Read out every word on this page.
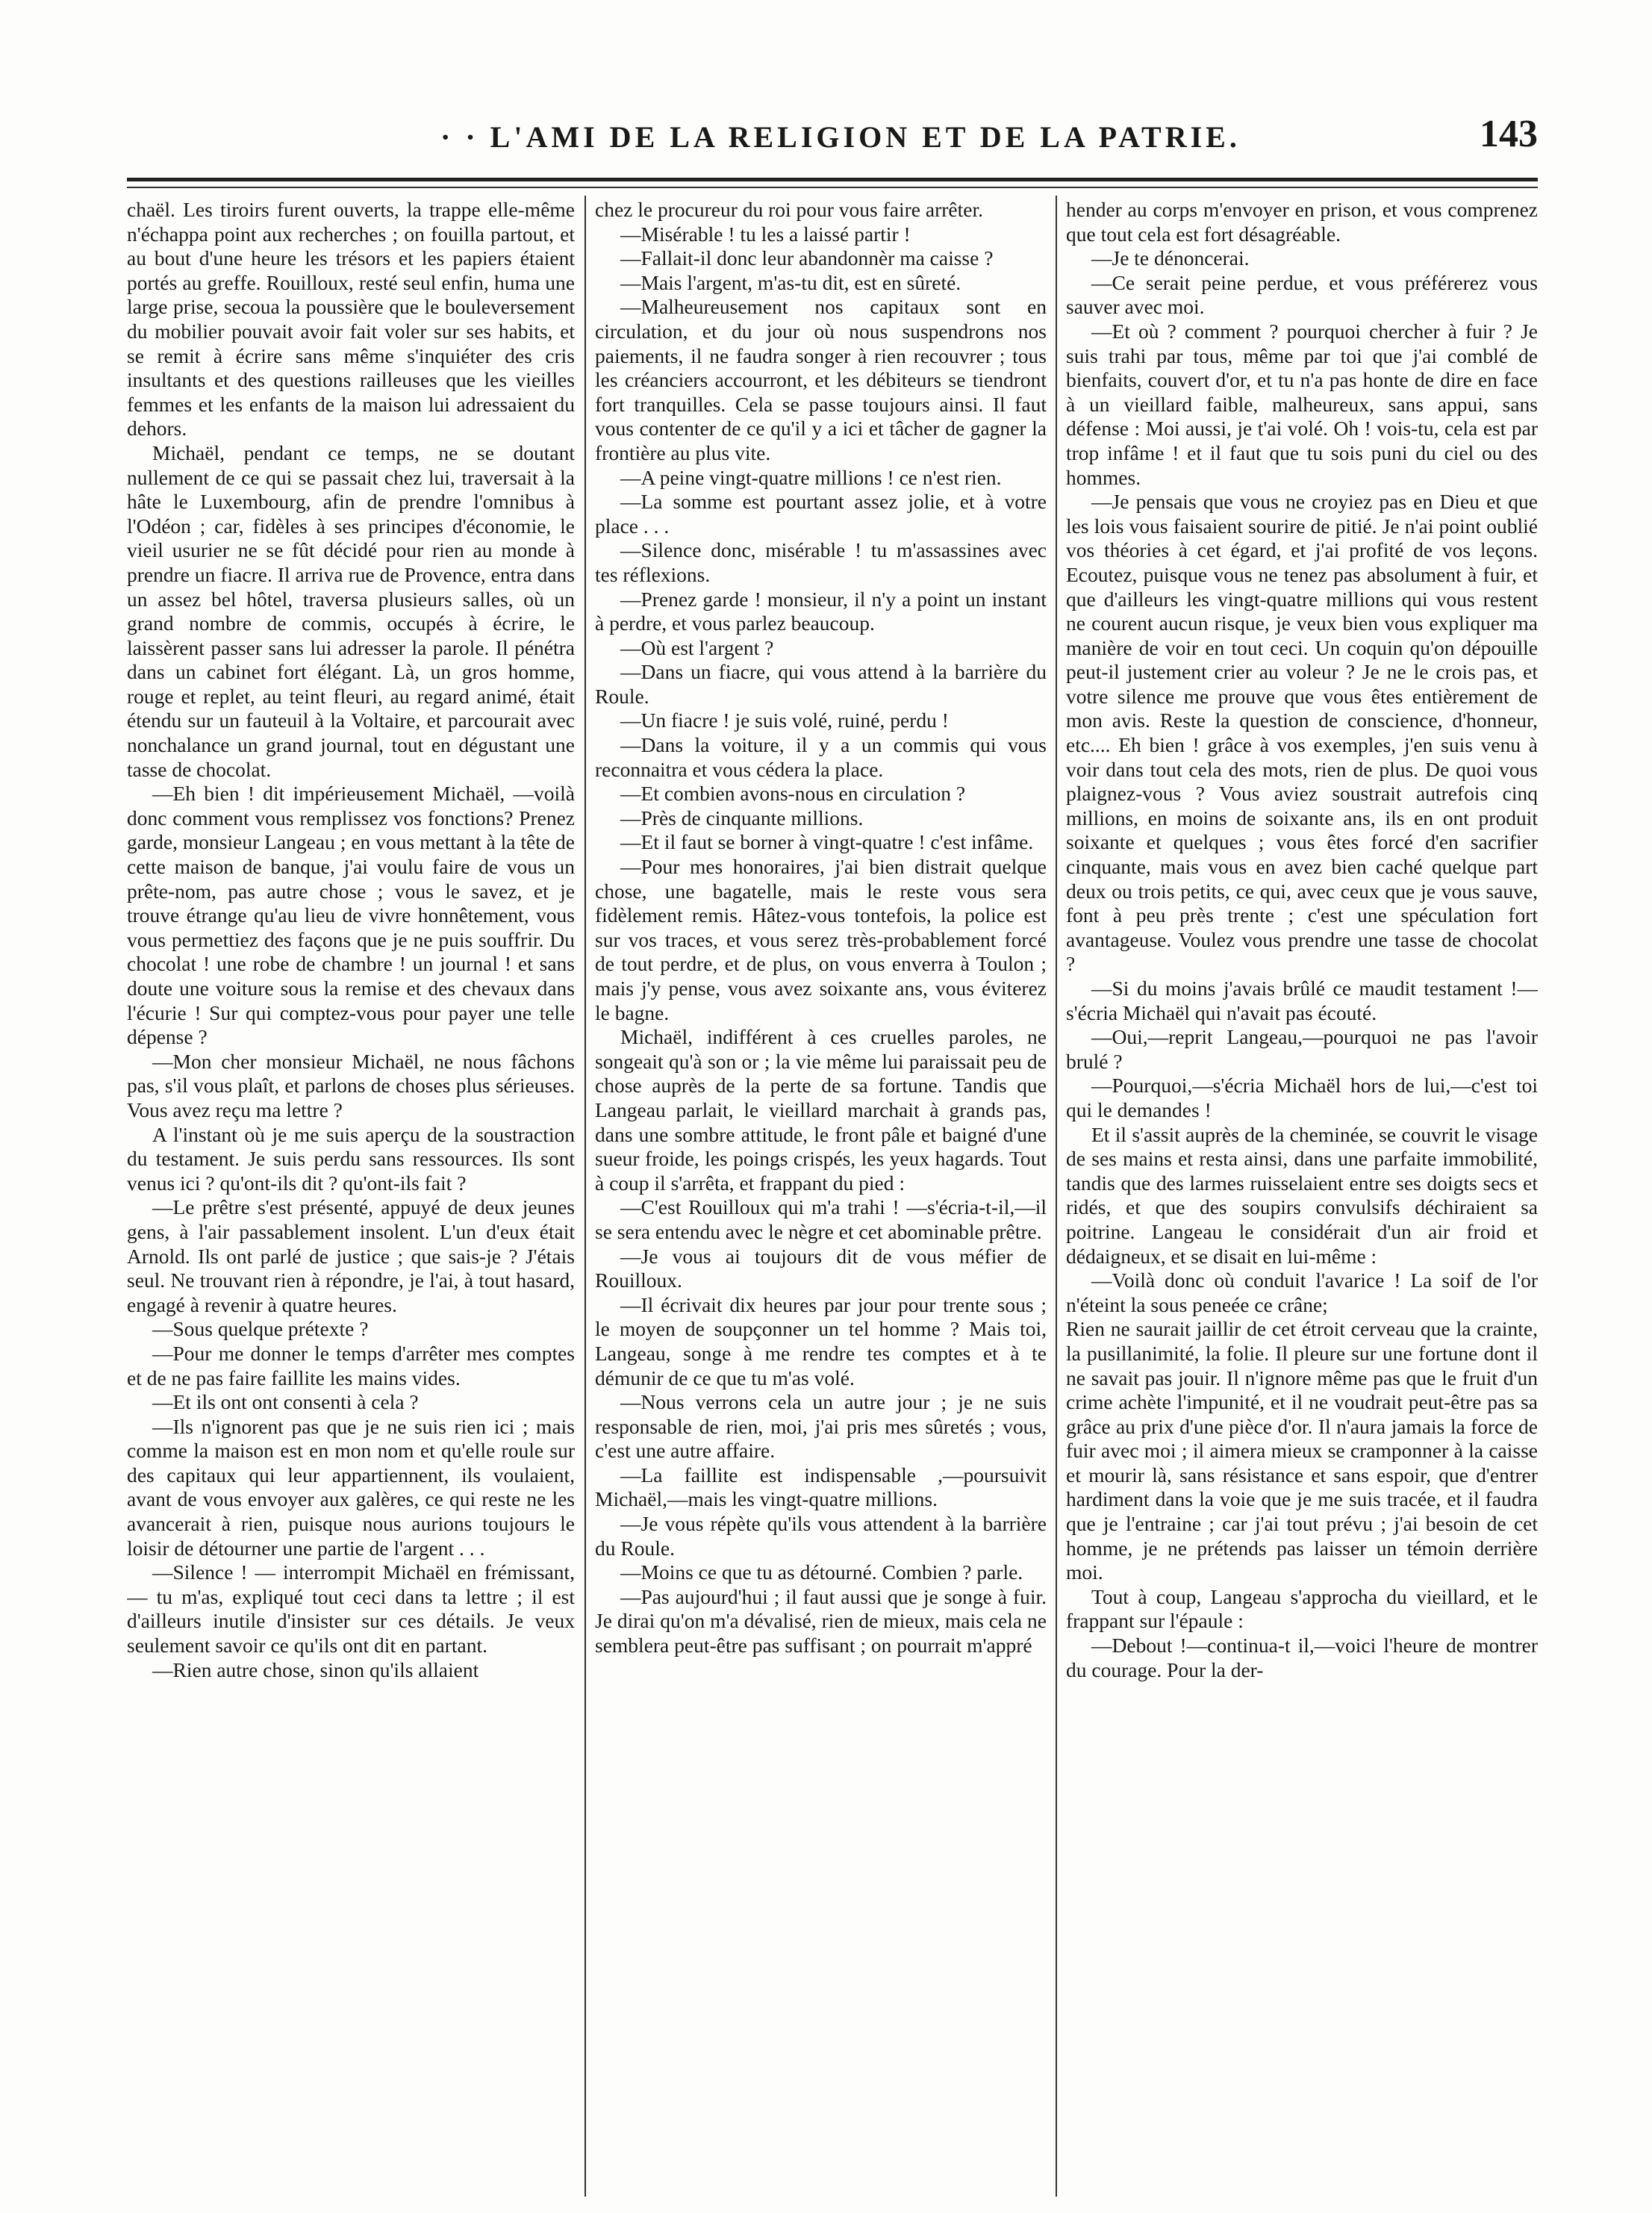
· · L'AMI DE LA RELIGION ET DE LA PATRIE.	143

chaël. Les tiroirs furent ouverts, la trappe elle-même n'échappa point aux recherches ; on fouilla partout, et au bout d'une heure les trésors et les papiers étaient portés au greffe. Rouilloux, resté seul enfin, huma une large prise, secoua la poussière que le bouleversement du mobilier pouvait avoir fait voler sur ses habits, et se remit à écrire sans même s'inquiéter des cris insultants et des questions railleuses que les vieilles femmes et les enfants de la maison lui adressaient du dehors.

Michaël, pendant ce temps, ne se doutant nullement de ce qui se passait chez lui, traversait à la hâte le Luxembourg, afin de prendre l'omnibus à l'Odéon ; car, fidèles à ses principes d'économie, le vieil usurier ne se fût décidé pour rien au monde à prendre un fiacre. Il arriva rue de Provence, entra dans un assez bel hôtel, traversa plusieurs salles, où un grand nombre de commis, occupés à écrire, le laissèrent passer sans lui adresser la parole. Il pénétra dans un cabinet fort élégant. Là, un gros homme, rouge et replet, au teint fleuri, au regard animé, était étendu sur un fauteuil à la Voltaire, et parcourait avec nonchalance un grand journal, tout en dégustant une tasse de chocolat.

—Eh bien ! dit impérieusement Michaël, —voilà donc comment vous remplissez vos fonctions? Prenez garde, monsieur Langeau ; en vous mettant à la tête de cette maison de banque, j'ai voulu faire de vous un prête-nom, pas autre chose ; vous le savez, et je trouve étrange qu'au lieu de vivre honnêtement, vous vous permettiez des façons que je ne puis souffrir. Du chocolat ! une robe de chambre ! un journal ! et sans doute une voiture sous la remise et des chevaux dans l'écurie ! Sur qui comptez-vous pour payer une telle dépense ?

—Mon cher monsieur Michaël, ne nous fâchons pas, s'il vous plaît, et parlons de choses plus sérieuses. Vous avez reçu ma lettre ?

A l'instant où je me suis aperçu de la soustraction du testament. Je suis perdu sans ressources. Ils sont venus ici ? qu'ont-ils dit ? qu'ont-ils fait ?

—Le prêtre s'est présenté, appuyé de deux jeunes gens, à l'air passablement insolent. L'un d'eux était Arnold. Ils ont parlé de justice ; que sais-je ? J'étais seul. Ne trouvant rien à répondre, je l'ai, à tout hasard, engagé à revenir à quatre heures.

—Sous quelque prétexte ?

—Pour me donner le temps d'arrêter mes comptes et de ne pas faire faillite les mains vides.

—Et ils ont ont consenti à cela ?

—Ils n'ignorent pas que je ne suis rien ici ; mais comme la maison est en mon nom et qu'elle roule sur des capitaux qui leur appartiennent, ils voulaient, avant de vous envoyer aux galères, ce qui reste ne les avancerait à rien, puisque nous aurions toujours le loisir de détourner une partie de l'argent . . .

—Silence ! — interrompit Michaël en frémissant,— tu m'as, expliqué tout ceci dans ta lettre ; il est d'ailleurs inutile d'insister sur ces détails. Je veux seulement savoir ce qu'ils ont dit en partant.

—Rien autre chose, sinon qu'ils allaient

chez le procureur du roi pour vous faire arrêter.

—Misérable ! tu les a laissé partir !

—Fallait-il donc leur abandonnèr ma caisse ?

—Mais l'argent, m'as-tu dit, est en sûreté.

—Malheureusement nos capitaux sont en circulation, et du jour où nous suspendrons nos paiements, il ne faudra songer à rien recouvrer ; tous les créanciers accourront, et les débiteurs se tiendront fort tranquilles. Cela se passe toujours ainsi. Il faut vous contenter de ce qu'il y a ici et tâcher de gagner la frontière au plus vite.

—A peine vingt-quatre millions ! ce n'est rien.

—La somme est pourtant assez jolie, et à votre place . . .

—Silence donc, misérable ! tu m'assassines avec tes réflexions.

—Prenez garde ! monsieur, il n'y a point un instant à perdre, et vous parlez beaucoup.

—Où est l'argent ?

—Dans un fiacre, qui vous attend à la barrière du Roule.

—Un fiacre ! je suis volé, ruiné, perdu !

—Dans la voiture, il y a un commis qui vous reconnaitra et vous cédera la place.

—Et combien avons-nous en circulation ?

—Près de cinquante millions.

—Et il faut se borner à vingt-quatre ! c'est infâme.

—Pour mes honoraires, j'ai bien distrait quelque chose, une bagatelle, mais le reste vous sera fidèlement remis. Hâtez-vous tontefois, la police est sur vos traces, et vous serez très-probablement forcé de tout perdre, et de plus, on vous enverra à Toulon ; mais j'y pense, vous avez soixante ans, vous éviterez le bagne.

Michaël, indifférent à ces cruelles paroles, ne songeait qu'à son or ; la vie même lui paraissait peu de chose auprès de la perte de sa fortune. Tandis que Langeau parlait, le vieillard marchait à grands pas, dans une sombre attitude, le front pâle et baigné d'une sueur froide, les poings crispés, les yeux hagards. Tout à coup il s'arrêta, et frappant du pied :

—C'est Rouilloux qui m'a trahi ! —s'écria-t-il,—il se sera entendu avec le nègre et cet abominable prêtre.

—Je vous ai toujours dit de vous méfier de Rouilloux.

—Il écrivait dix heures par jour pour trente sous ; le moyen de soupçonner un tel homme ? Mais toi, Langeau, songe à me rendre tes comptes et à te démunir de ce que tu m'as volé.

—Nous verrons cela un autre jour ; je ne suis responsable de rien, moi, j'ai pris mes sûretés ; vous, c'est une autre affaire.

—La faillite est indispensable ,—poursuivit Michaël,—mais les vingt-quatre millions.

—Je vous répète qu'ils vous attendent à la barrière du Roule.

—Moins ce que tu as détourné. Combien ? parle.

—Pas aujourd'hui ; il faut aussi que je songe à fuir. Je dirai qu'on m'a dévalisé, rien de mieux, mais cela ne semblera peut-être pas suffisant ; on pourrait m'appré

hender au corps m'envoyer en prison, et vous comprenez que tout cela est fort désagréable.

—Je te dénoncerai.

—Ce serait peine perdue, et vous préférerez vous sauver avec moi.

—Et où ? comment ? pourquoi chercher à fuir ? Je suis trahi par tous, même par toi que j'ai comblé de bienfaits, couvert d'or, et tu n'a pas honte de dire en face à un vieillard faible, malheureux, sans appui, sans défense : Moi aussi, je t'ai volé. Oh ! vois-tu, cela est par trop infâme ! et il faut que tu sois puni du ciel ou des hommes.

—Je pensais que vous ne croyiez pas en Dieu et que les lois vous faisaient sourire de pitié. Je n'ai point oublié vos théories à cet égard, et j'ai profité de vos leçons. Ecoutez, puisque vous ne tenez pas absolument à fuir, et que d'ailleurs les vingt-quatre millions qui vous restent ne courent aucun risque, je veux bien vous expliquer ma manière de voir en tout ceci. Un coquin qu'on dépouille peut-il justement crier au voleur ? Je ne le crois pas, et votre silence me prouve que vous êtes entièrement de mon avis. Reste la question de conscience, d'honneur, etc.... Eh bien ! grâce à vos exemples, j'en suis venu à voir dans tout cela des mots, rien de plus. De quoi vous plaignez-vous ? Vous aviez soustrait autrefois cinq millions, en moins de soixante ans, ils en ont produit soixante et quelques ; vous êtes forcé d'en sacrifier cinquante, mais vous en avez bien caché quelque part deux ou trois petits, ce qui, avec ceux que je vous sauve, font à peu près trente ; c'est une spéculation fort avantageuse. Voulez vous prendre une tasse de chocolat ?

—Si du moins j'avais brûlé ce maudit testament !—s'écria Michaël qui n'avait pas écouté.

—Oui,—reprit Langeau,—pourquoi ne pas l'avoir brulé ?

—Pourquoi,—s'écria Michaël hors de lui,—c'est toi qui le demandes !

Et il s'assit auprès de la cheminée, se couvrit le visage de ses mains et resta ainsi, dans une parfaite immobilité, tandis que des larmes ruisselaient entre ses doigts secs et ridés, et que des soupirs convulsifs déchiraient sa poitrine. Langeau le considérait d'un air froid et dédaigneux, et se disait en lui-même :

—Voilà donc où conduit l'avarice ! La soif de l'or n'éteint la sous peneée ce crâne;

Rien ne saurait jaillir de cet étroit cerveau que la crainte, la pusillanimité, la folie. Il pleure sur une fortune dont il ne savait pas jouir. Il n'ignore même pas que le fruit d'un crime achète l'impunité, et il ne voudrait peut-être pas sa grâce au prix d'une pièce d'or. Il n'aura jamais la force de fuir avec moi ; il aimera mieux se cramponner à la caisse et mourir là, sans résistance et sans espoir, que d'entrer hardiment dans la voie que je me suis tracée, et il faudra que je l'entraine ; car j'ai tout prévu ; j'ai besoin de cet homme, je ne prétends pas laisser un témoin derrière moi.

Tout à coup, Langeau s'approcha du vieillard, et le frappant sur l'épaule :

—Debout !—continua-t il,—voici l'heure de montrer du courage. Pour la der-
